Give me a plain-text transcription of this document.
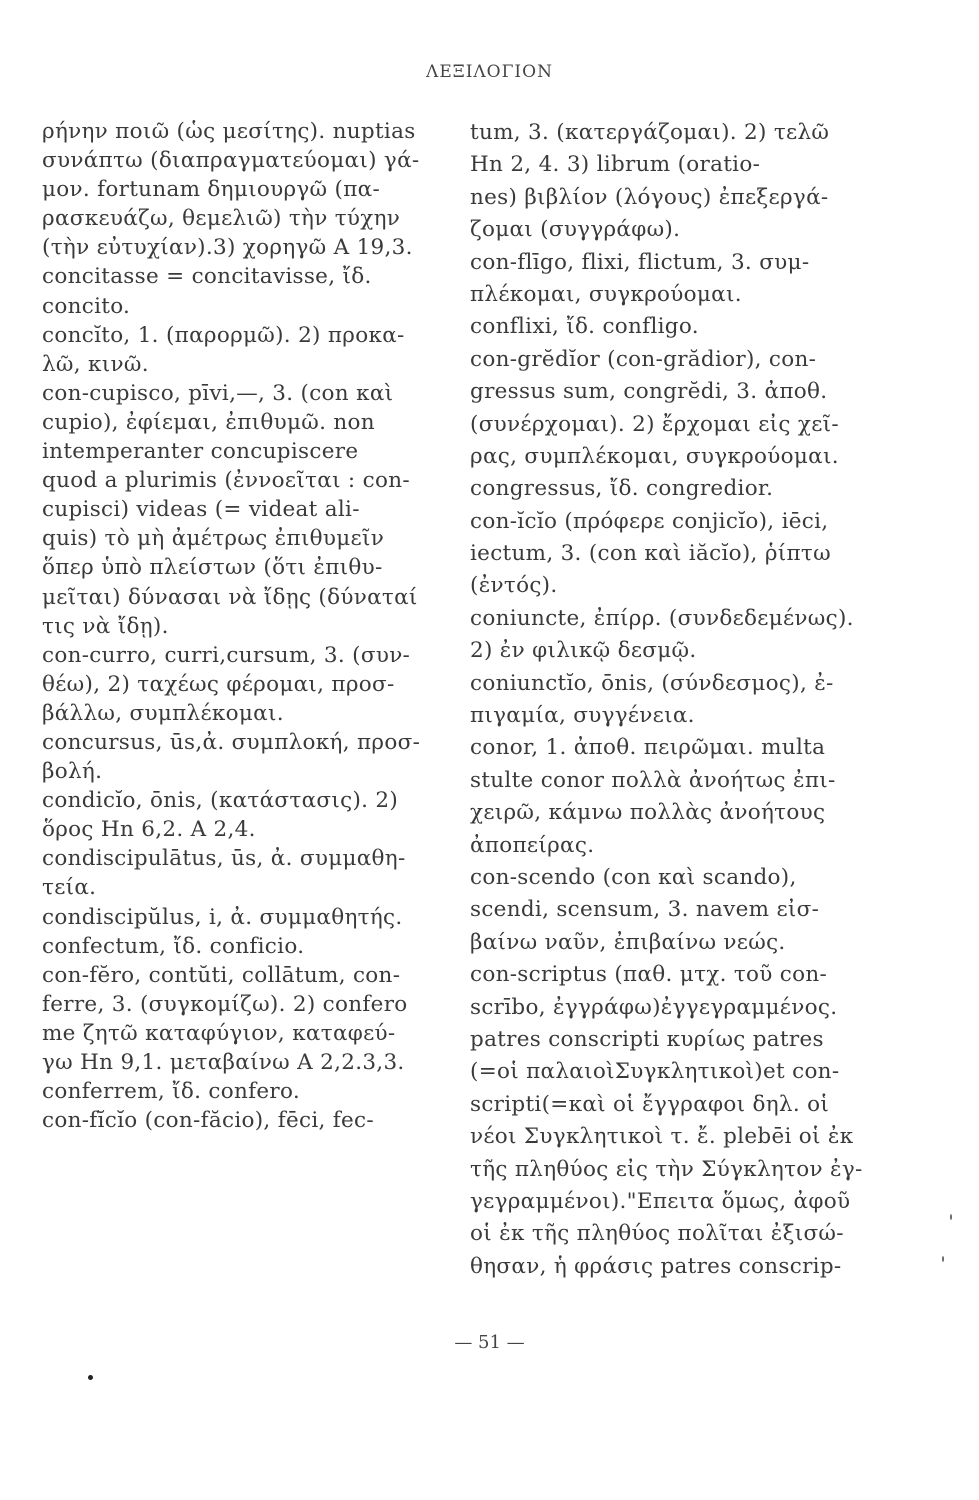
ΛΕΞΙΛΟΓΙΟΝ
ρήνην ποιῶ (ὡς μεσίτης). nuptias
συνάπτω (διαπραγματεύομαι) γά-
μον. fortunam δημιουργῶ (πα-
ρασκευάζω, θεμελιῶ) τὴν τύχην
(τὴν εὐτυχίαν).3) χορηγῶ Α 19,3.
concitasse = concitavisse, ἴδ.
concito.
concĭto, 1. (παρορμῶ). 2) προκα-
λῶ, κινῶ.
con-cupisco, pīvi,—, 3. (con καὶ
cupio), ἐφίεμαι, ἐπιθυμῶ. non
intemperanter concupiscere
quod a plurimis (ἐννοεῖται : con-
cupisci) videas (= videat ali-
quis) τὸ μὴ ἀμέτρως ἐπιθυμεῖν
ὅπερ ὑπὸ πλείστων (ὅτι ἐπιθυ-
μεῖται) δύνασαι νὰ ἴδῃς (δύναταί
τις νὰ ἴδῃ).
con-curro, curri,cursum, 3. (συν-
θέω), 2) ταχέως φέρομαι, προσ-
βάλλω, συμπλέκομαι.
concursus, ūs,ἀ. συμπλοκή, προσ-
βολή.
condicĭo, ōnis, (κατάστασις). 2)
ὅρος Hn 6,2. A 2,4.
condiscipulātus, ūs, ἀ. συμμαθη-
τεία.
condiscipŭlus, i, ἀ. συμμαθητής.
confectum, ἴδ. conficio.
con-fĕro, contŭti, collātum, con-
ferre, 3. (συγκομίζω). 2) confero
me ζητῶ καταφύγιον, καταφεύ-
γω Hn 9,1. μεταβαίνω A 2,2.3,3.
conferrem, ἴδ. confero.
con-fĭcĭo (con-făcio), fēci, fec-
tum, 3. (κατεργάζομαι). 2) τελῶ
Hn 2, 4. 3) librum (oratio-
nes) βιβλίον (λόγους) ἐπεξεργά-
ζομαι (συγγράφω).
con-flīgo, flixi, flictum, 3. συμ-
πλέκομαι, συγκρούομαι.
conflixi, ἴδ. confligo.
con-grĕdĭor (con-grădior), con-
gressus sum, congrĕdi, 3. ἀποθ.
(συνέρχομαι). 2) ἔρχομαι εἰς χεῖ-
ρας, συμπλέκομαι, συγκρούομαι.
congressus, ἴδ. congredior.
con-ĭcĭo (πρόφερε conjicĭo), iēci,
iectum, 3. (con καὶ iăcĭo), ῥίπτω
(ἐντός).
coniuncte, ἐπίρρ. (συνδεδεμένως).
2) ἐν φιλικῷ δεσμῷ.
coniunctĭo, ōnis, (σύνδεσμος), ἐ-
πιγαμία, συγγένεια.
conor, 1. ἀποθ. πειρῶμαι. multa
stulte conor πολλὰ ἀνοήτως ἐπι-
χειρῶ, κάμνω πολλὰς ἀνοήτους
ἀποπείρας.
con-scendo (con καὶ scando),
scendi, scensum, 3. navem εἰσ-
βαίνω ναῦν, ἐπιβαίνω νεώς.
con-scriptus (παθ. μτχ. τοῦ con-
scrībo, ἐγγράφω)ἐγγεγραμμένος.
patres conscripti κυρίως patres
(=οἱ παλαιοὶΣυγκλητικοὶ)et con-
scripti(=καὶ οἱ ἔγγραφοι δηλ. οἱ
νέοι Συγκλητικοὶ τ. ἔ. plebēi οἱ ἐκ
τῆς πληθύος εἰς τὴν Σύγκλητον ἐγ-
γεγραμμένοι)."Επειτα ὅμως, ἀφοῦ
οἱ ἐκ τῆς πληθύος πολῖται ἐξισώ-
θησαν, ἡ φράσις patres conscrip-
— 51 —
